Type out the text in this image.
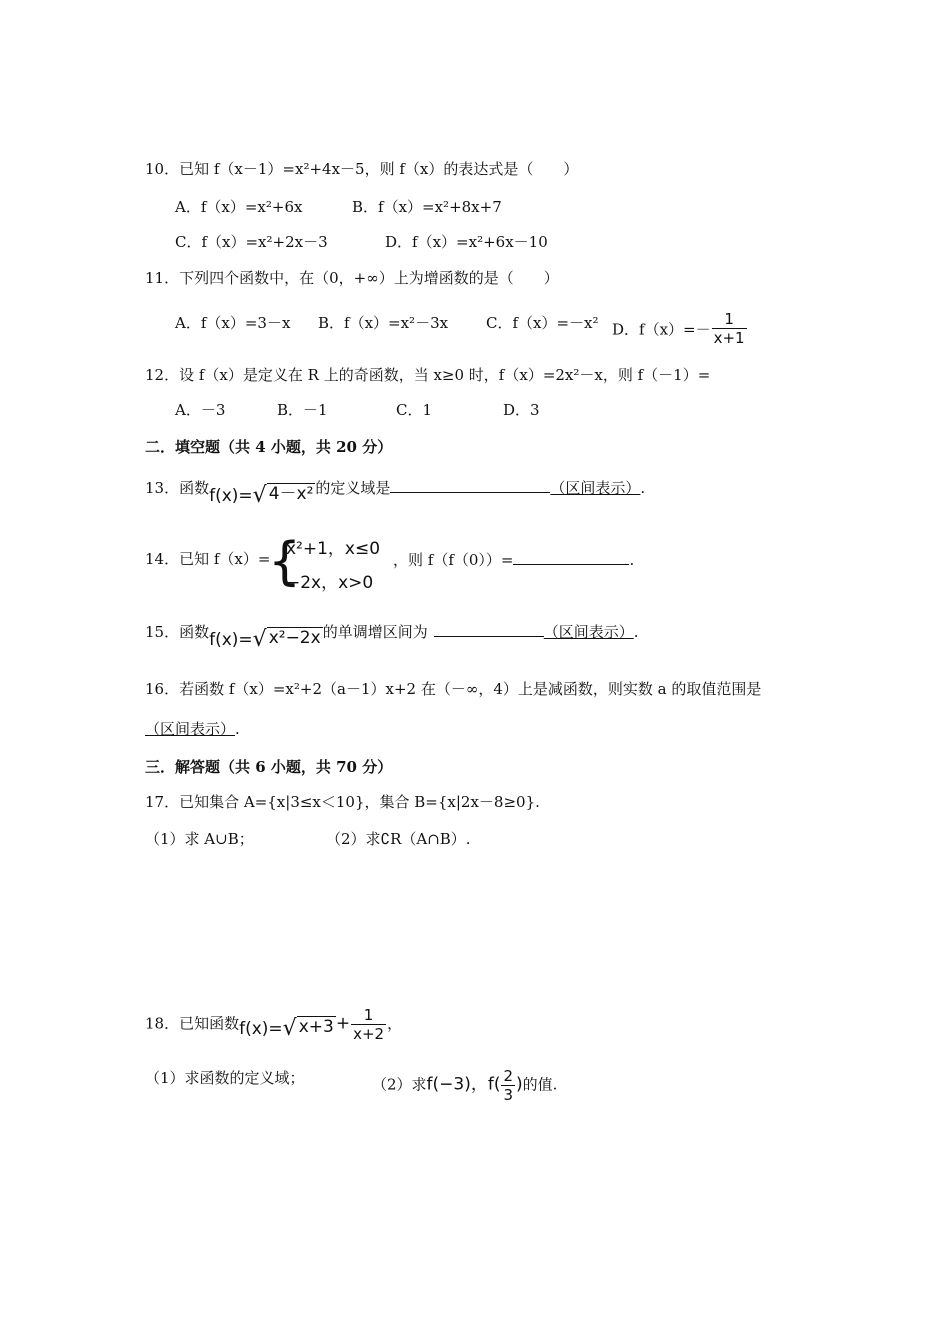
10．已知 f（x－1）=x²+4x－5，则 f（x）的表达式是（　　）
A．f（x）=x²+6x	B．f（x）=x²+8x+7
C．f（x）=x²+2x－3	D．f（x）=x²+6x－10
11．下列四个函数中，在（0，+∞）上为增函数的是（　　）
A．f（x）=3－x B．f（x）=x²－3x	C．f（x）=－x² D．$f(x)=- \frac{1}{x+1}$
12．设 f（x）是定义在 R 上的奇函数，当 x≥0 时，f（x）=2x²－x，则 f（－1）=
A．－3	B．－1	C．1	D．3
二．填空题（共 4 小题，共 20 分）
13．函数f(x)=√ 4－x² 的定义域是	（区间表示）.
14．已知 f（x）=
{
x²+1，x≤0
−2x，x>0
，则 f（f（0））=	.
15．函数f(x)=√ x²−2x 的单调增区间为	（区间表示）.
16．若函数 f（x）=x²+2（a－1）x+2 在（－∞，4）上是减函数，则实数 a 的取值范围是
（区间表示）.
三．解答题（共 6 小题，共 70 分）
17．已知集合 A={x|3≤x＜10}，集合 B={x|2x－8≥0}.
（1）求 A∪B；	（2）求∁R（A∩B）.
18．已知函数f(x)=√ $x+3 + \frac{1}{x+2}$ ，
（1）求函数的定义域；	（2）求f(−3)，$f( \frac{2}{3}$ )的值.
